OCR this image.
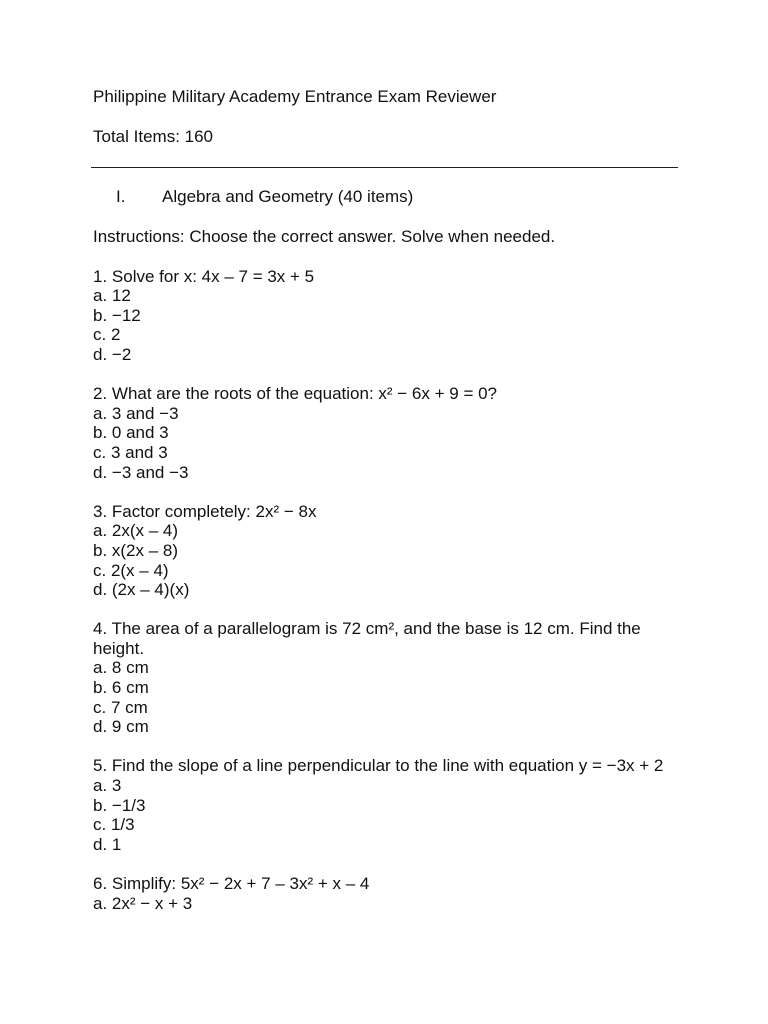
Philippine Military Academy Entrance Exam Reviewer
Total Items: 160
I. Algebra and Geometry (40 items)
Instructions: Choose the correct answer. Solve when needed.
1. Solve for x: 4x – 7 = 3x + 5
a. 12
b. −12
c. 2
d. −2
2. What are the roots of the equation: x² − 6x + 9 = 0?
a. 3 and −3
b. 0 and 3
c. 3 and 3
d. −3 and −3
3. Factor completely: 2x² − 8x
a. 2x(x – 4)
b. x(2x – 8)
c. 2(x – 4)
d. (2x – 4)(x)
4. The area of a parallelogram is 72 cm², and the base is 12 cm. Find the height.
a. 8 cm
b. 6 cm
c. 7 cm
d. 9 cm
5. Find the slope of a line perpendicular to the line with equation y = −3x + 2
a. 3
b. −1/3
c. 1/3
d. 1
6. Simplify: 5x² − 2x + 7 – 3x² + x – 4
a. 2x² − x + 3
